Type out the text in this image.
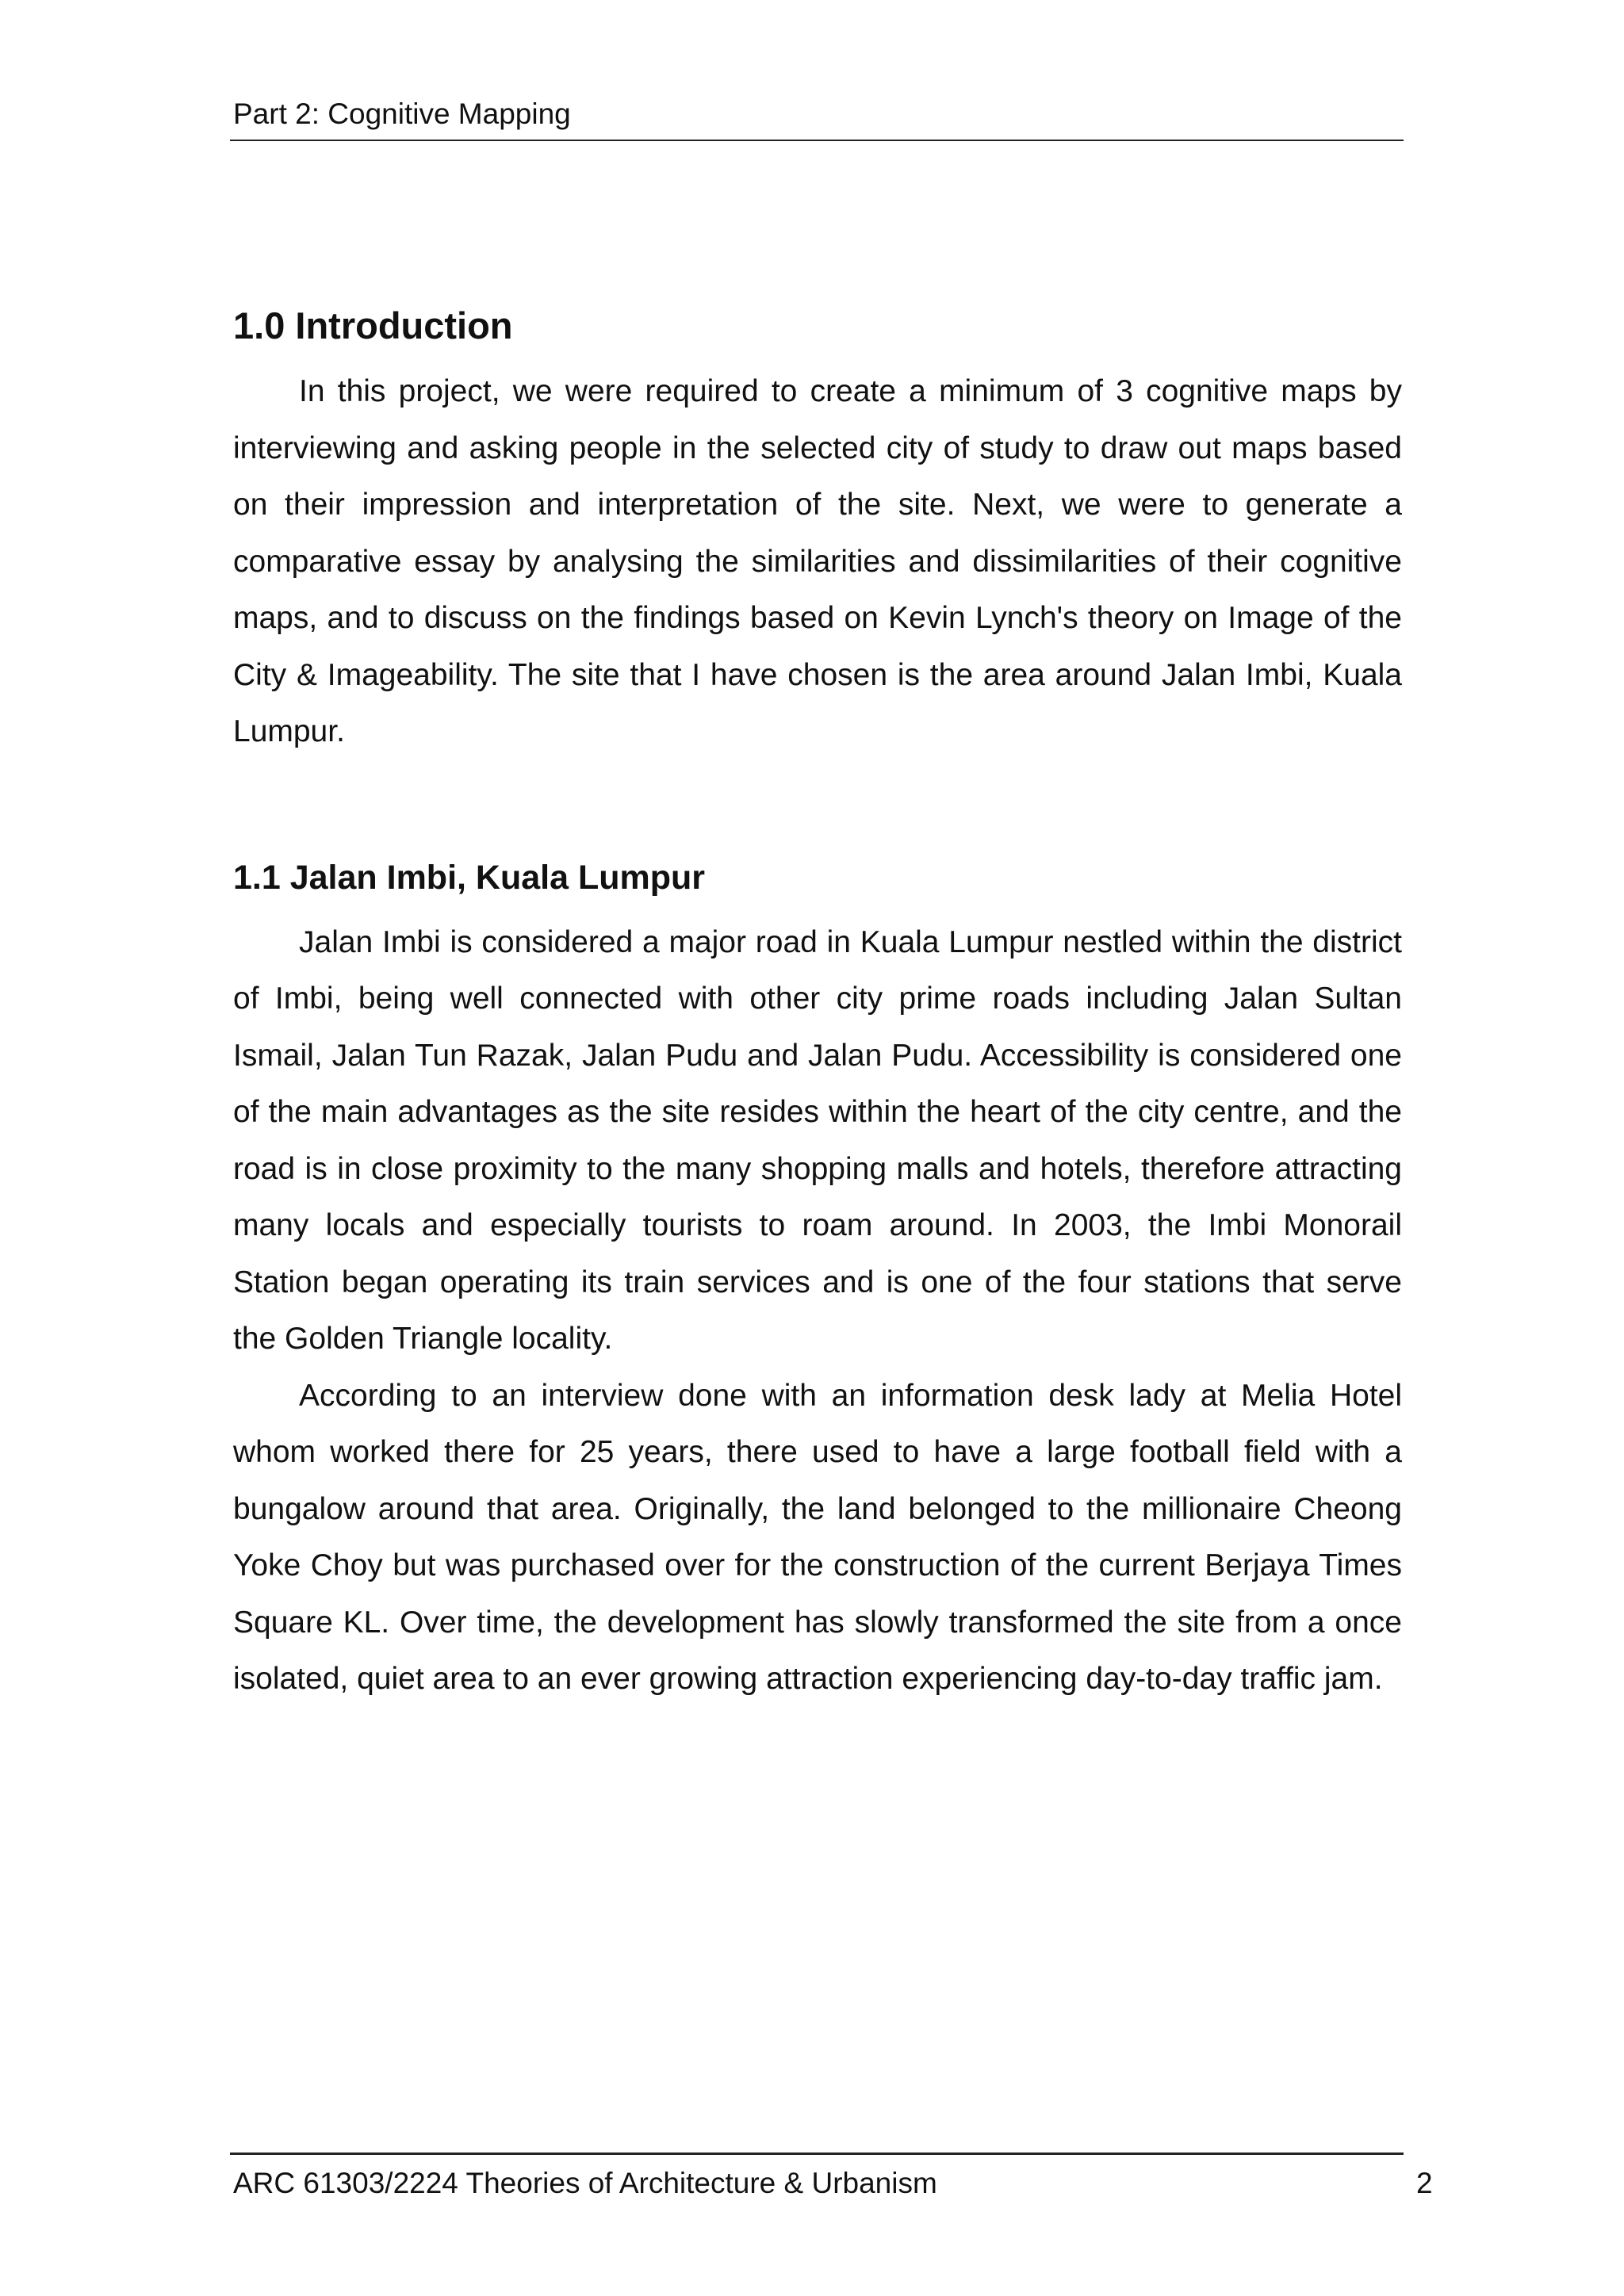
Part 2: Cognitive Mapping
1.0 Introduction

In this project, we were required to create a minimum of 3 cognitive maps by interviewing and asking people in the selected city of study to draw out maps based on their impression and interpretation of the site. Next, we were to generate a comparative essay by analysing the similarities and dissimilarities of their cognitive maps, and to discuss on the findings based on Kevin Lynch's theory on Image of the City & Imageability. The site that I have chosen is the area around Jalan Imbi, Kuala Lumpur.

1.1 Jalan Imbi, Kuala Lumpur

Jalan Imbi is considered a major road in Kuala Lumpur nestled within the district of Imbi, being well connected with other city prime roads including Jalan Sultan Ismail, Jalan Tun Razak, Jalan Pudu and Jalan Pudu. Accessibility is considered one of the main advantages as the site resides within the heart of the city centre, and the road is in close proximity to the many shopping malls and hotels, therefore attracting many locals and especially tourists to roam around. In 2003, the Imbi Monorail Station began operating its train services and is one of the four stations that serve the Golden Triangle locality.

According to an interview done with an information desk lady at Melia Hotel whom worked there for 25 years, there used to have a large football field with a bungalow around that area. Originally, the land belonged to the millionaire Cheong Yoke Choy but was purchased over for the construction of the current Berjaya Times Square KL. Over time, the development has slowly transformed the site from a once isolated, quiet area to an ever growing attraction experiencing day-to-day traffic jam.

ARC 61303/2224 Theories of Architecture & Urbanism	2
